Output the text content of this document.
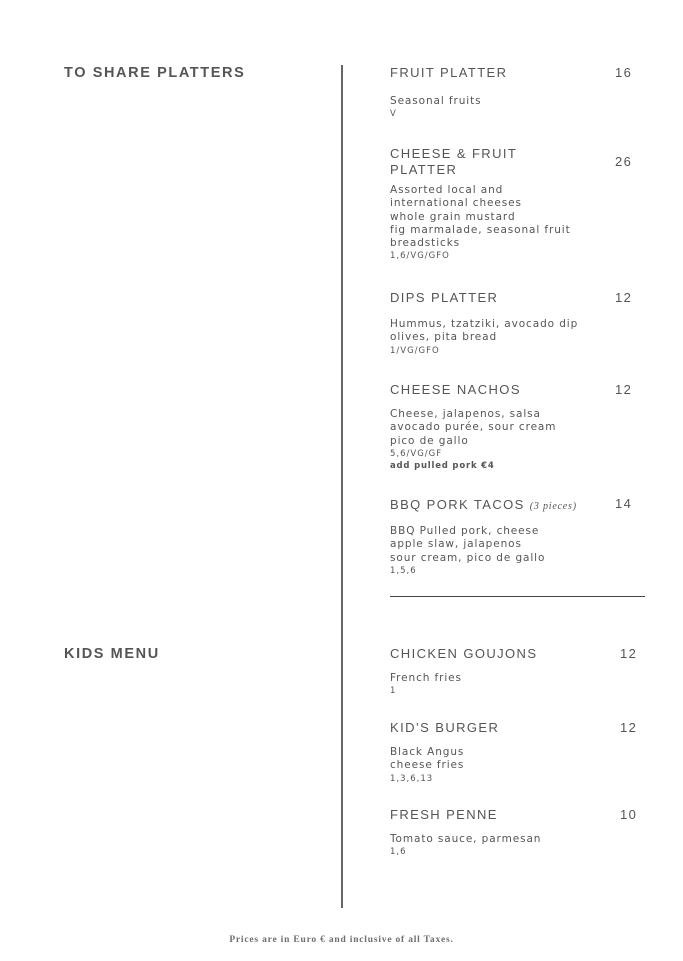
TO SHARE PLATTERS
KIDS MENU

FRUIT PLATTER

Seasonal fruits

V

16

CHEESE & FRUIT

PLATTER

Assorted local and

international cheeses

whole grain mustard

fig marmalade, seasonal fruit

breadsticks

1,6/VG/GFO

26

DIPS PLATTER

Hummus, tzatziki, avocado dip

olives, pita bread

1/VG/GFO

12

CHEESE NACHOS

Cheese, jalapenos, salsa

avocado purée, sour cream

pico de gallo

5,6/VG/GF

add pulled pork €4

12

BBQ PORK TACOS (3 pieces)

BBQ Pulled pork, cheese

apple slaw, jalapenos

sour cream, pico de gallo

1,5,6

14

CHICKEN GOUJONS

French fries

1

12

KID’S BURGER

Black Angus

cheese fries

1,3,6,13

12

FRESH PENNE

Tomato sauce, parmesan

1,6

10
Prices are in Euro € and inclusive of all Taxes.
